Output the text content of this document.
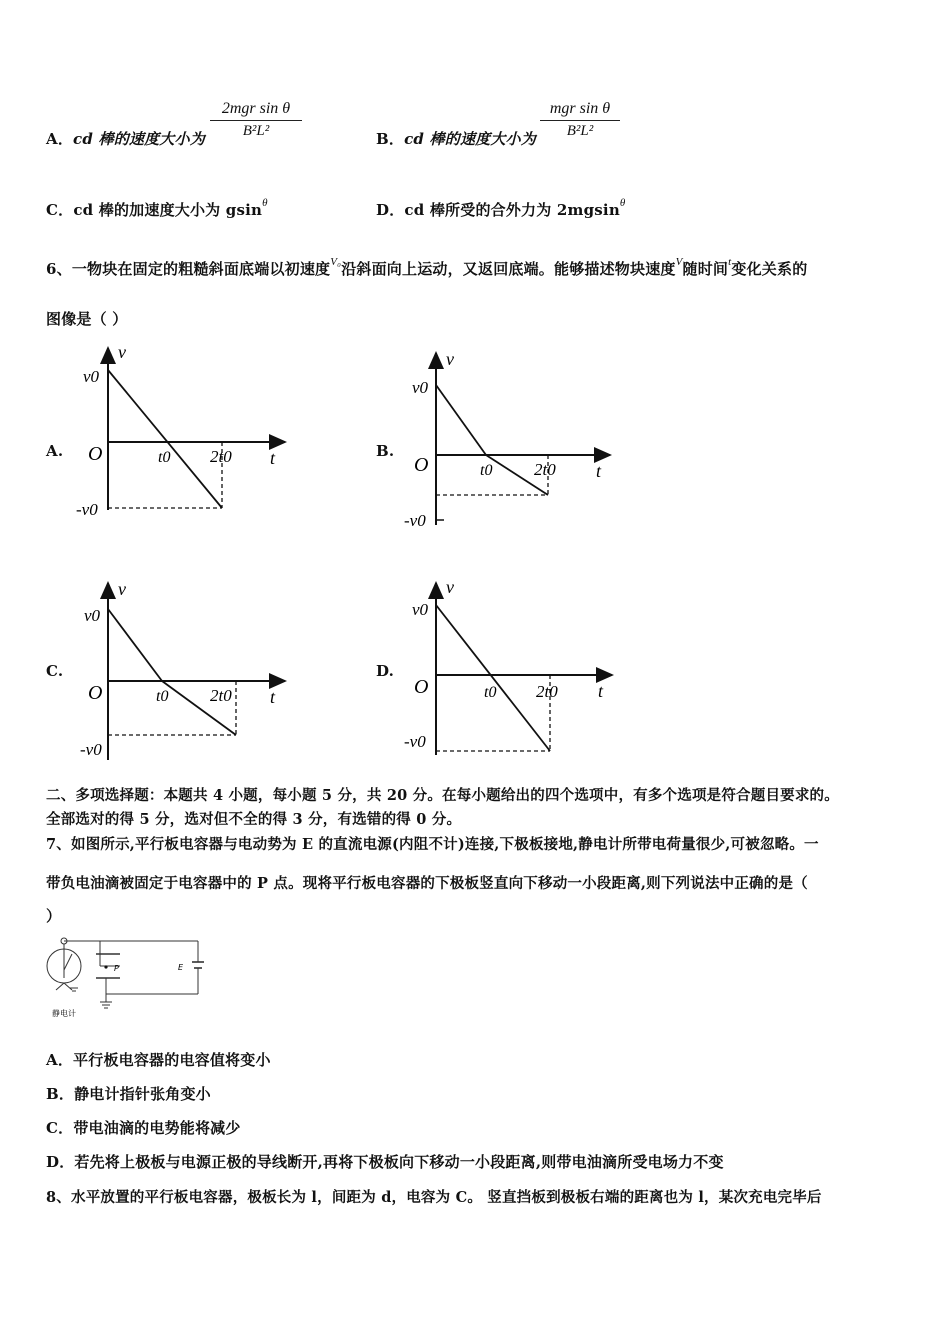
A．cd 棒的速度大小为
2mgr sin θ
B²L²	B．cd 棒的速度大小为
mgr sin θ
B²L²
C．cd 棒的加速度大小为 gsin$^\theta$	D．cd 棒所受的合外力为 2mgsin$^\theta$
6、一物块在固定的粗糙斜面底端以初速度$^{V_0}$沿斜面向上运动，又返回底端。能够描述物块速度$^V$随时间$^t$变化关系的
图像是（ ）
A.	B.
C.	D.
v
v0
O	t0 2t0 t
-v0
v
v0
O	t0 2t0 t
-v0
v
v0
O	t0 2t0 t
-v0
v
v0
O	t0 2t0 t
-v0
二、多项选择题：本题共 4 小题，每小题 5 分，共 20 分。在每小题给出的四个选项中，有多个选项是符合题目要求的。
全部选对的得 5 分，选对但不全的得 3 分，有选错的得 0 分。
7、如图所示,平行板电容器与电动势为 E 的直流电源(内阻不计)连接,下极板接地,静电计所带电荷量很少,可被忽略。一
带负电油滴被固定于电容器中的 P 点。现将平行板电容器的下极板竖直向下移动一小段距离,则下列说法中正确的是（
）
P	E
静电计
A．平行板电容器的电容值将变小
B．静电计指针张角变小
C．带电油滴的电势能将减少
D．若先将上极板与电源正极的导线断开,再将下极板向下移动一小段距离,则带电油滴所受电场力不变
8、水平放置的平行板电容器，极板长为 l，间距为 d，电容为 C。 竖直挡板到极板右端的距离也为 l，某次充电完毕后
